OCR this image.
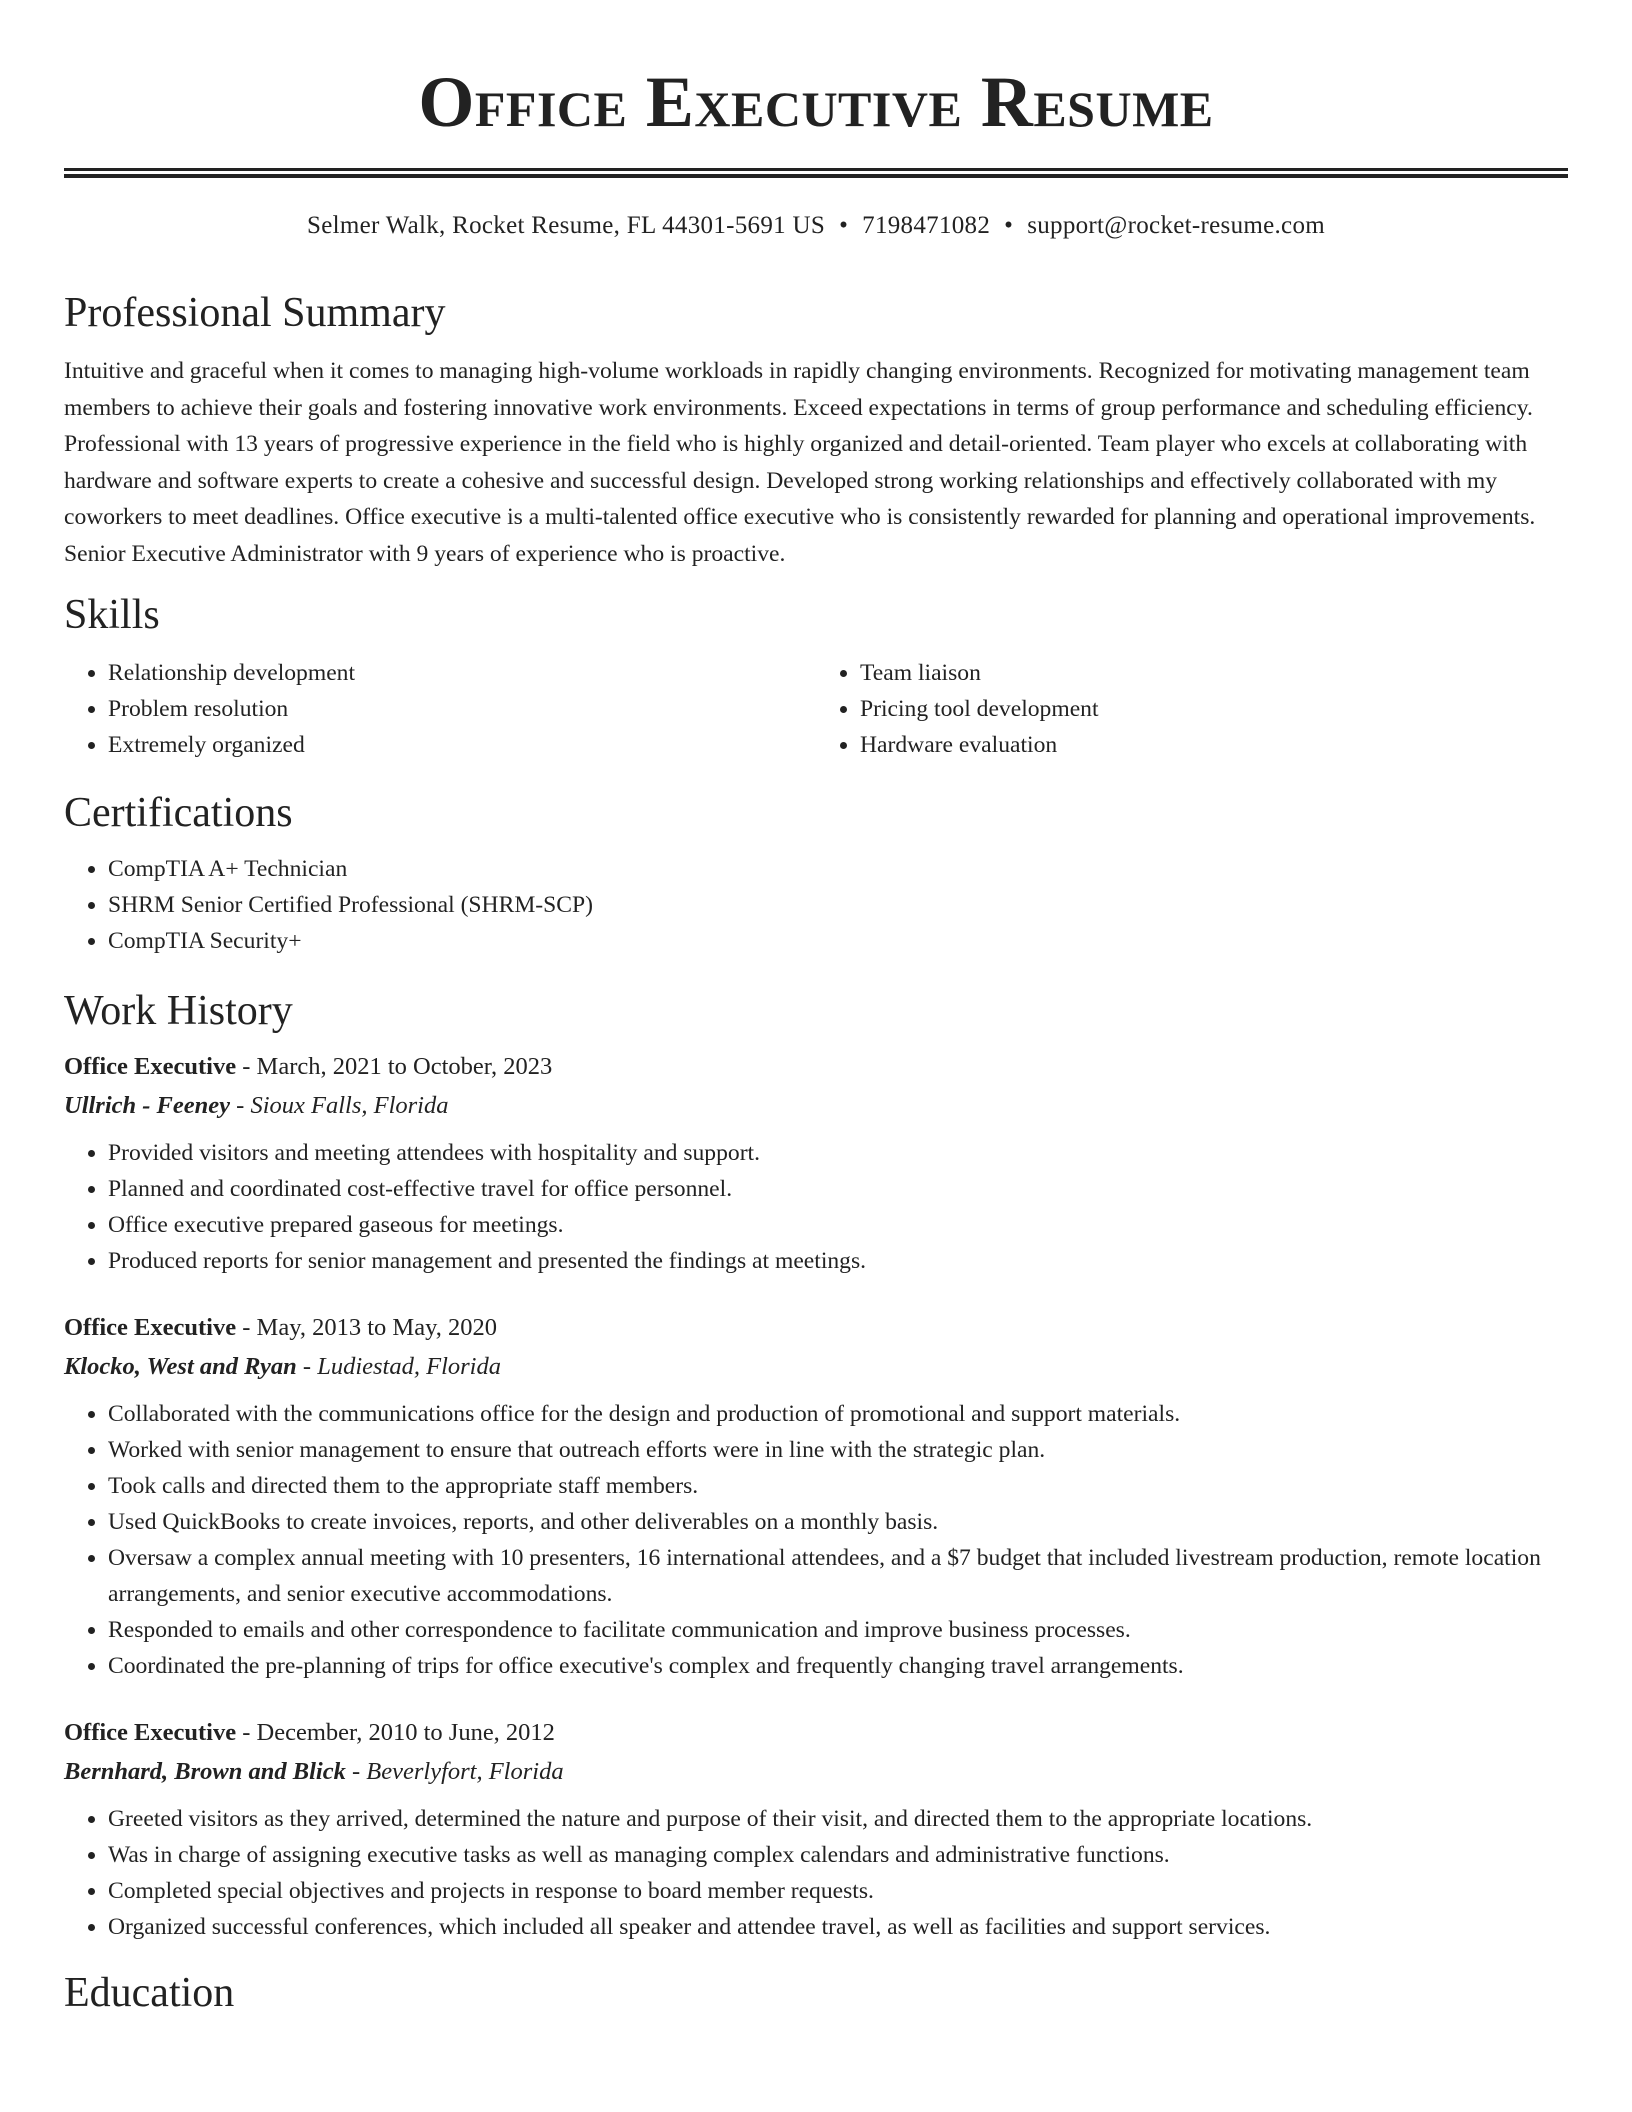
Office Executive Resume
Selmer Walk, Rocket Resume, FL 44301-5691 US • 7198471082 • support@rocket-resume.com
Professional Summary

Intuitive and graceful when it comes to managing high-volume workloads in rapidly changing environments. Recognized for motivating management team members to achieve their goals and fostering innovative work environments. Exceed expectations in terms of group performance and scheduling efficiency. Professional with 13 years of progressive experience in the field who is highly organized and detail-oriented. Team player who excels at collaborating with hardware and software experts to create a cohesive and successful design. Developed strong working relationships and effectively collaborated with my coworkers to meet deadlines. Office executive is a multi-talented office executive who is consistently rewarded for planning and operational improvements. Senior Executive Administrator with 9 years of experience who is proactive.

Skills
• Relationship development
• Problem resolution
• Extremely organized
• Team liaison
• Pricing tool development
• Hardware evaluation
Certifications
• CompTIA A+ Technician
• SHRM Senior Certified Professional (SHRM-SCP)
• CompTIA Security+
Work History
Office Executive - March, 2021 to October, 2023
Ullrich - Feeney - Sioux Falls, Florida
• Provided visitors and meeting attendees with hospitality and support.
• Planned and coordinated cost-effective travel for office personnel.
• Office executive prepared gaseous for meetings.
• Produced reports for senior management and presented the findings at meetings.
Office Executive - May, 2013 to May, 2020
Klocko, West and Ryan - Ludiestad, Florida
• Collaborated with the communications office for the design and production of promotional and support materials.
• Worked with senior management to ensure that outreach efforts were in line with the strategic plan.
• Took calls and directed them to the appropriate staff members.
• Used QuickBooks to create invoices, reports, and other deliverables on a monthly basis.
• Oversaw a complex annual meeting with 10 presenters, 16 international attendees, and a $7 budget that included livestream production, remote location arrangements, and senior executive accommodations.
• Responded to emails and other correspondence to facilitate communication and improve business processes.
• Coordinated the pre-planning of trips for office executive's complex and frequently changing travel arrangements.
Office Executive - December, 2010 to June, 2012
Bernhard, Brown and Blick - Beverlyfort, Florida
• Greeted visitors as they arrived, determined the nature and purpose of their visit, and directed them to the appropriate locations.
• Was in charge of assigning executive tasks as well as managing complex calendars and administrative functions.
• Completed special objectives and projects in response to board member requests.
• Organized successful conferences, which included all speaker and attendee travel, as well as facilities and support services.
Education
